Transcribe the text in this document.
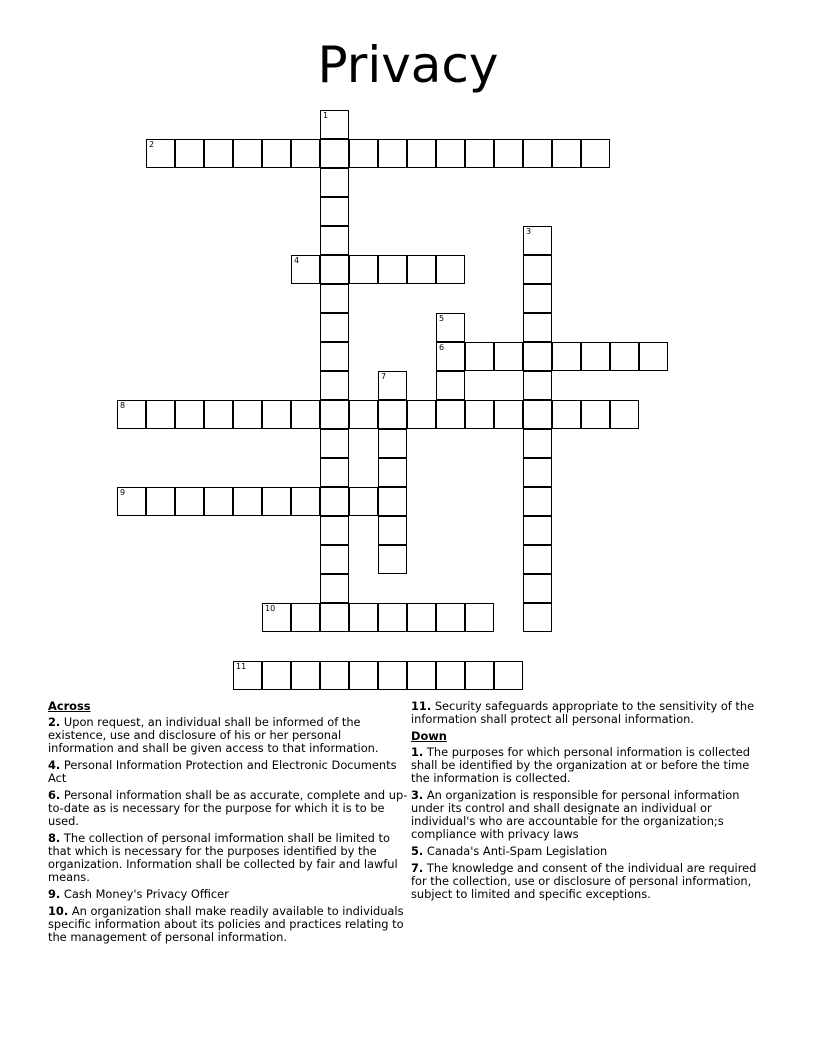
Privacy
1
2
3
4
5
6
7
8
9
10
11
Across
2. Upon request, an individual shall be informed of the existence, use and disclosure of his or her personal information and shall be given access to that information.
4. Personal Information Protection and Electronic Documents Act
6. Personal information shall be as accurate, complete and up-to-date as is necessary for the purpose for which it is to be used.
8. The collection of personal imformation shall be limited to that which is necessary for the purposes identified by the organization. Information shall be collected by fair and lawful means.
9. Cash Money's Privacy Officer
10. An organization shall make readily available to individuals specific information about its policies and practices relating to the management of personal information.
11. Security safeguards appropriate to the sensitivity of the information shall protect all personal information.
Down
1. The purposes for which personal information is collected shall be identified by the organization at or before the time the information is collected.
3. An organization is responsible for personal information under its control and shall designate an individual or individual's who are accountable for the organization;s compliance with privacy laws
5. Canada's Anti-Spam Legislation
7. The knowledge and consent of the individual are required for the collection, use or disclosure of personal information, subject to limited and specific exceptions.
